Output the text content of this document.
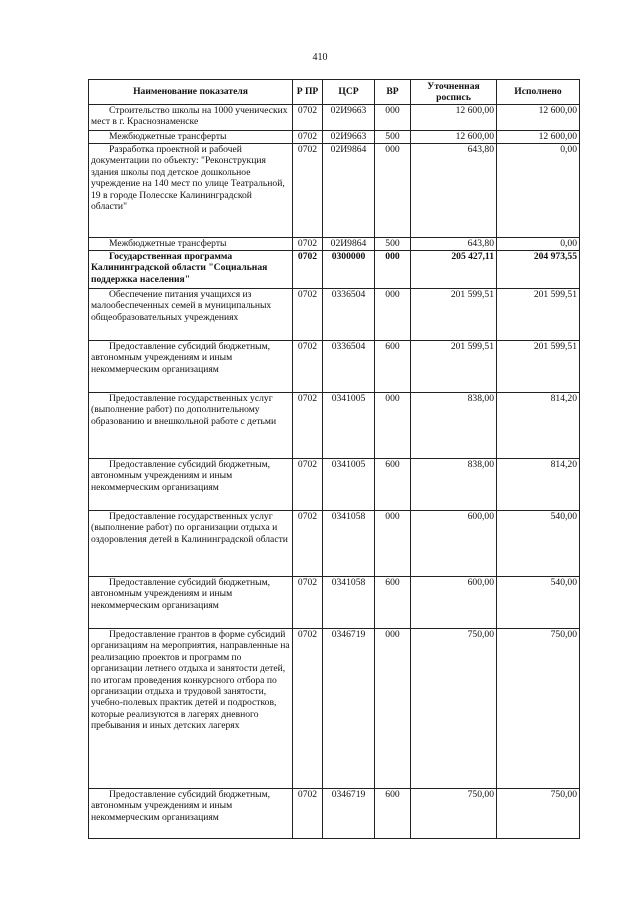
410
Наименование показателя	Р ПР	ЦСР	ВР	Уточненная роспись	Исполнено
Строительство школы на 1000 ученических мест в г. Краснознаменске	0702	02И9663	000	12 600,00	12 600,00
Межбюджетные трансферты	0702	02И9663	500	12 600,00	12 600,00
Разработка проектной и рабочей документации по объекту: "Реконструкция здания школы под детское дошкольное учреждение на 140 мест по улице Театральной, 19 в городе Полесске Калининградской области"	0702	02И9864	000	643,80	0,00
Межбюджетные трансферты	0702	02И9864	500	643,80	0,00
Государственная программа Калининградской области "Социальная поддержка населения"	0702	0300000	000	205 427,11	204 973,55
Обеспечение питания учащихся из малообеспеченных семей в муниципальных общеобразовательных учреждениях	0702	0336504	000	201 599,51	201 599,51
Предоставление субсидий бюджетным, автономным учреждениям и иным некоммерческим организациям	0702	0336504	600	201 599,51	201 599,51
Предоставление государственных услуг (выполнение работ) по дополнительному образованию и внешкольной работе с детьми	0702	0341005	000	838,00	814,20
Предоставление субсидий бюджетным, автономным учреждениям и иным некоммерческим организациям	0702	0341005	600	838,00	814,20
Предоставление государственных услуг (выполнение работ) по организации отдыха и оздоровления детей в Калининградской области	0702	0341058	000	600,00	540,00
Предоставление субсидий бюджетным, автономным учреждениям и иным некоммерческим организациям	0702	0341058	600	600,00	540,00
Предоставление грантов в форме субсидий организациям на мероприятия, направленные на реализацию проектов и программ по организации летнего отдыха и занятости детей, по итогам проведения конкурсного отбора по организации отдыха и трудовой занятости, учебно-полевых практик детей и подростков, которые реализуются в лагерях дневного пребывания и иных детских лагерях	0702	0346719	000	750,00	750,00
Предоставление субсидий бюджетным, автономным учреждениям и иным некоммерческим организациям	0702	0346719	600	750,00	750,00
